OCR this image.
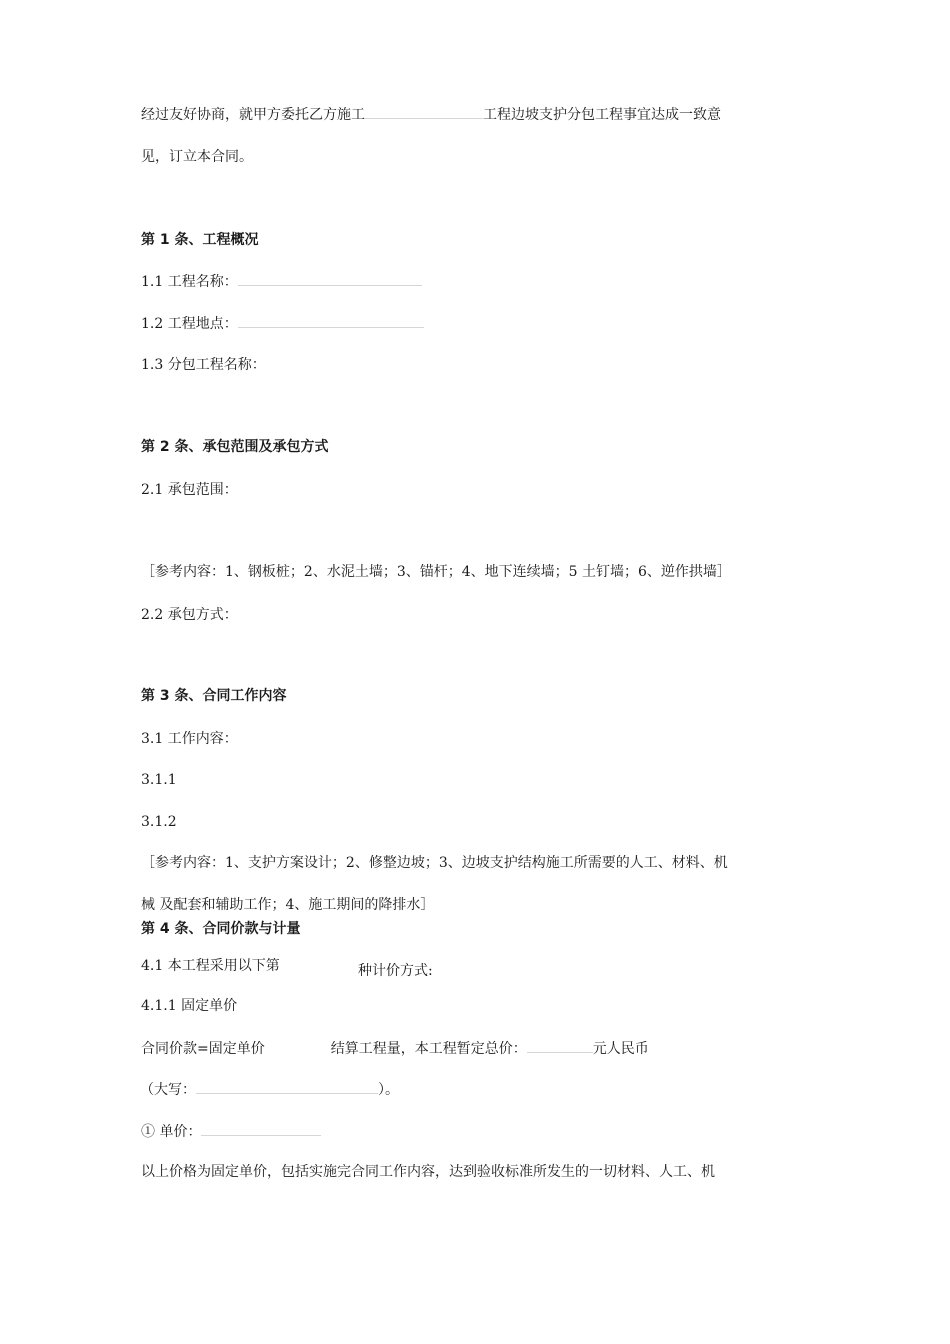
经过友好协商，就甲方委托乙方施工	工程边坡支护分包工程事宜达成一致意
见，订立本合同。
第 1 条、工程概况
1.1 工程名称：
1.2 工程地点：
1.3 分包工程名称：
第 2 条、承包范围及承包方式
2.1 承包范围：
［参考内容：1、钢板桩；2、水泥土墙；3、锚杆；4、地下连续墙；5 土钉墙；6、逆作拱墙］
2.2 承包方式：
第 3 条、合同工作内容
3.1 工作内容：
3.1.1
3.1.2
［参考内容：1、支护方案设计；2、修整边坡；3、边坡支护结构施工所需要的人工、材料、机
械 及配套和辅助工作；4、施工期间的降排水］
第 4 条、合同价款与计量
4.1 本工程采用以下第	种计价方式:
4.1.1 固定单价
合同价款=固定单价	结算工程量，本工程暂定总价：	元人民币
（大写：	）。
① 单价：
以上价格为固定单价，包括实施完合同工作内容，达到验收标准所发生的一切材料、人工、机
